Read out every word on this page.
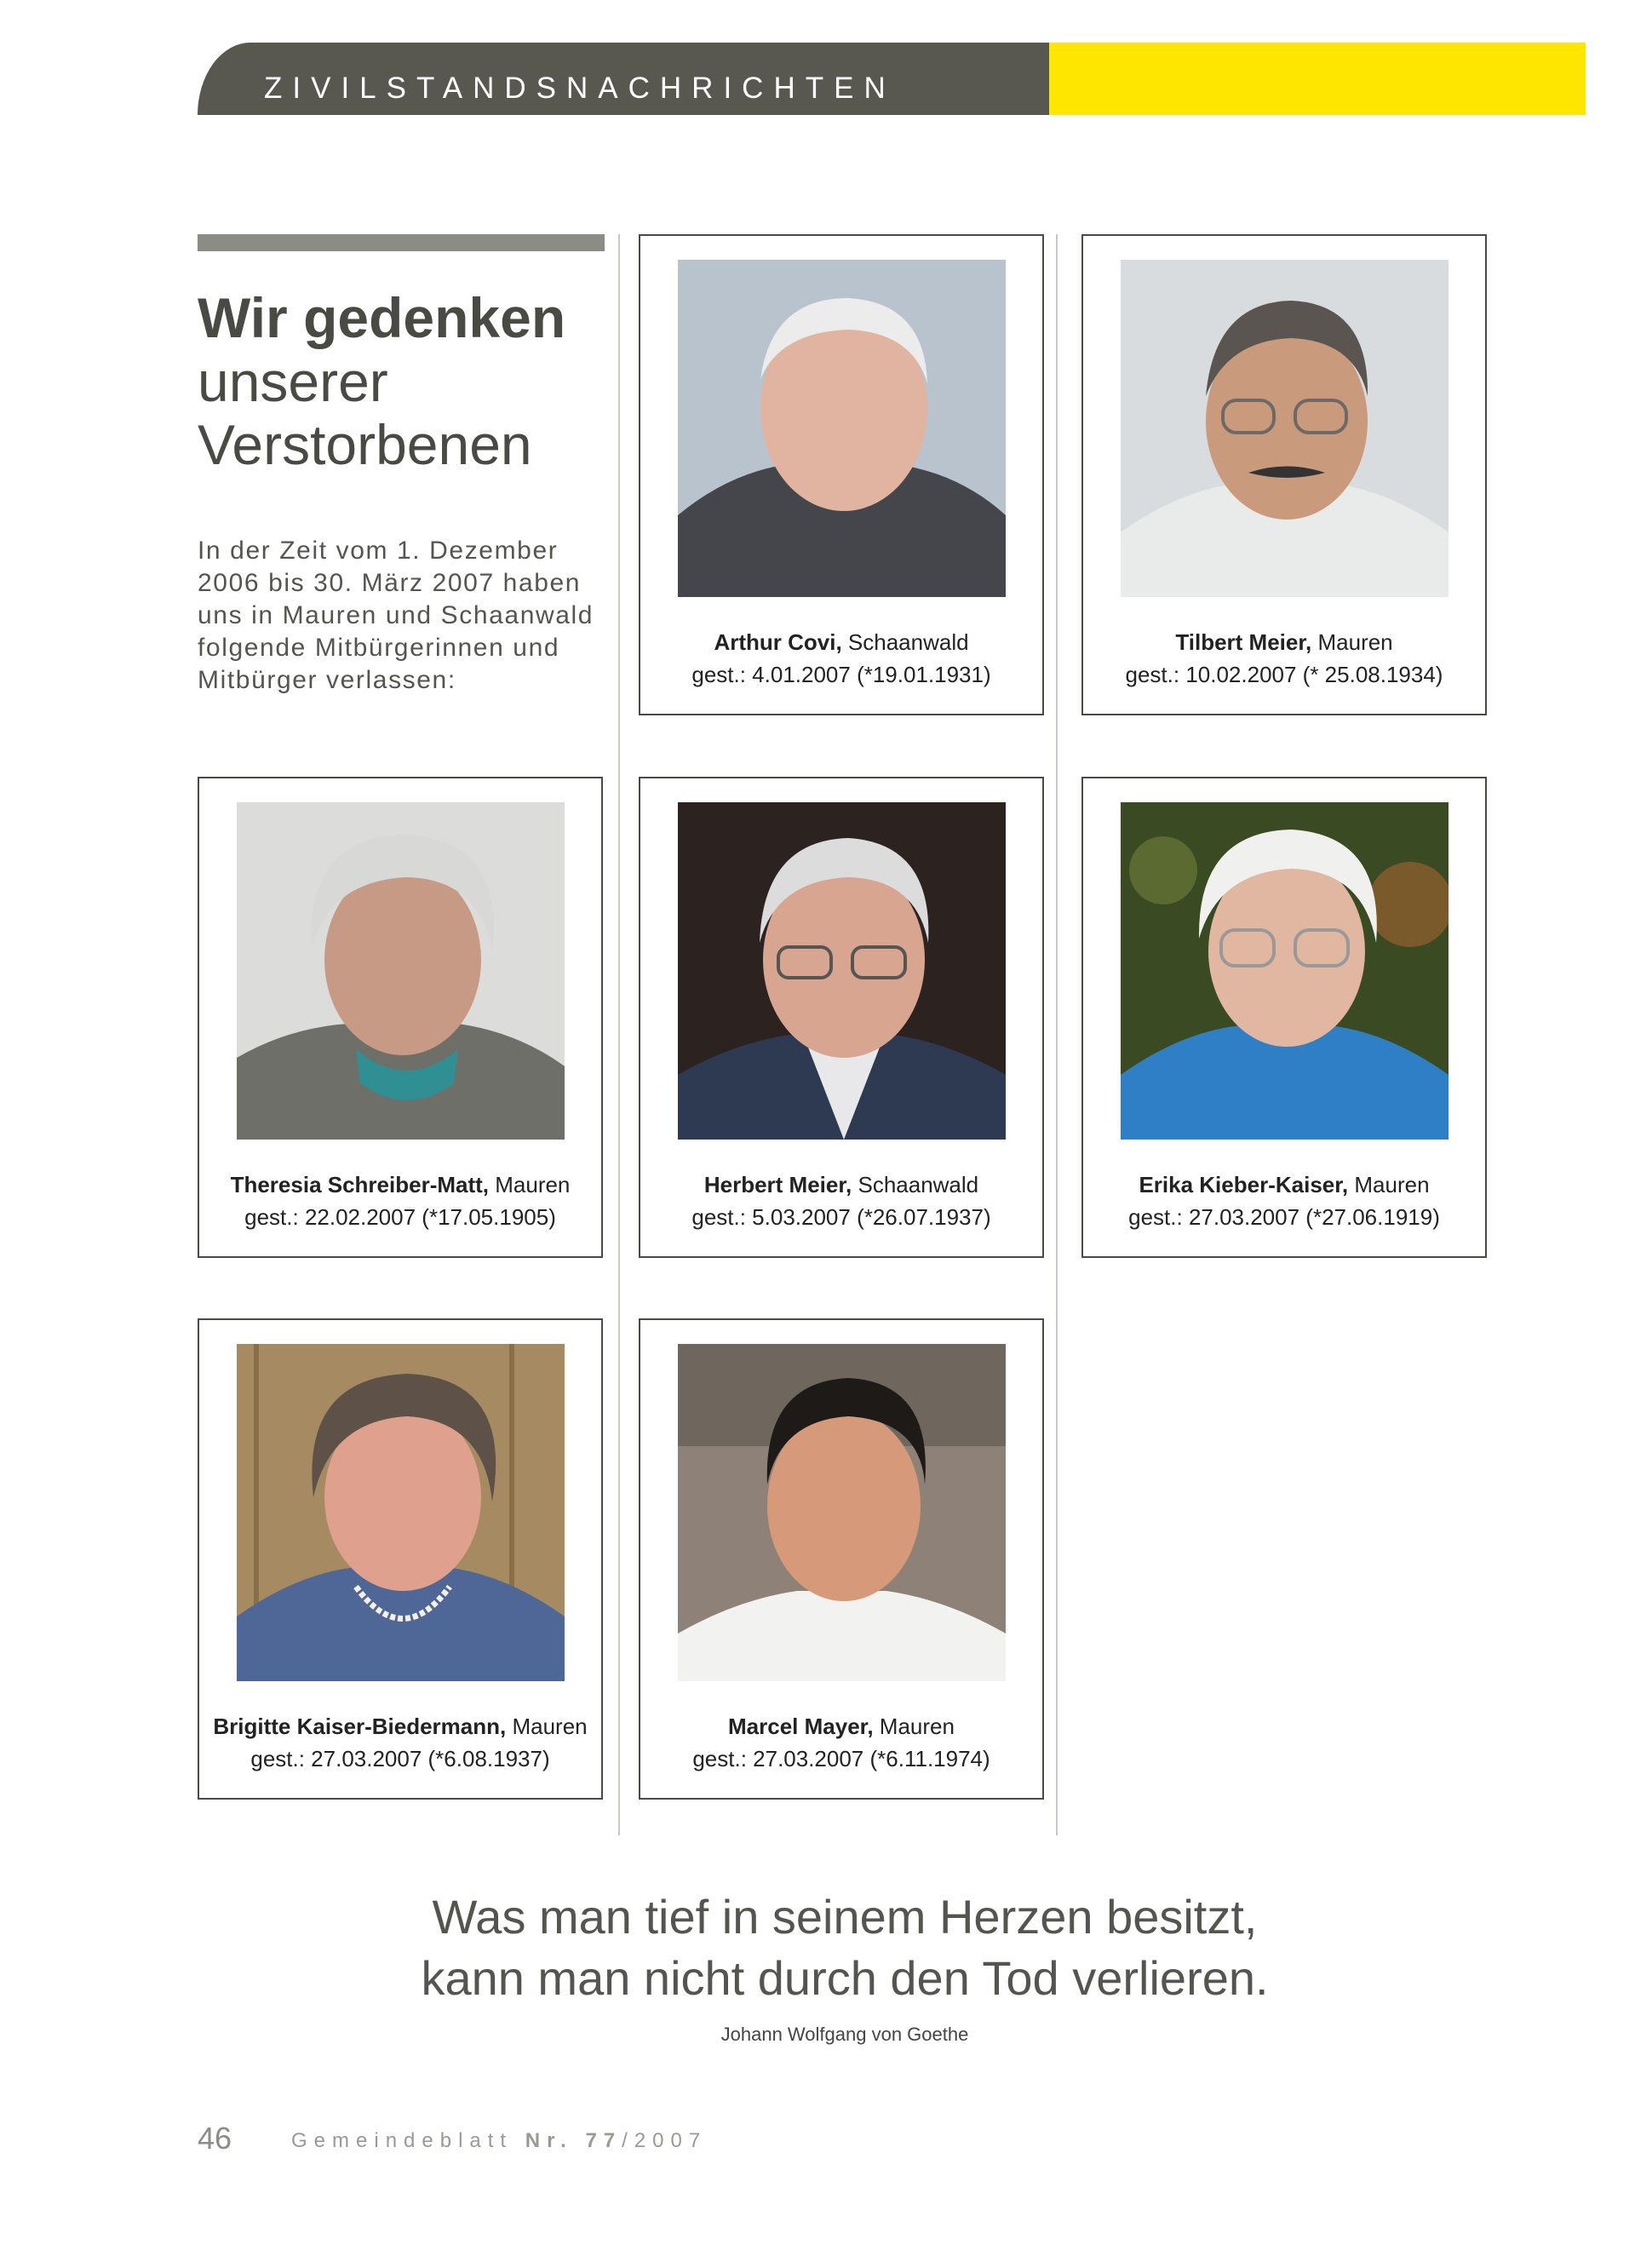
ZIVILSTANDSNACHRICHTEN
Wir gedenken
unserer
Verstorbenen
In der Zeit vom 1. Dezember
2006 bis 30. März 2007 haben
uns in Mauren und Schaanwald
folgende Mitbürgerinnen und
Mitbürger verlassen:
Arthur Covi, Schaanwald
gest.: 4.01.2007 (*19.01.1931)
Tilbert Meier, Mauren
gest.: 10.02.2007 (* 25.08.1934)
Theresia Schreiber-Matt, Mauren
gest.: 22.02.2007 (*17.05.1905)
Herbert Meier, Schaanwald
gest.: 5.03.2007 (*26.07.1937)
Erika Kieber-Kaiser, Mauren
gest.: 27.03.2007 (*27.06.1919)
Brigitte Kaiser-Biedermann, Mauren
gest.: 27.03.2007 (*6.08.1937)
Marcel Mayer, Mauren
gest.: 27.03.2007 (*6.11.1974)
Was man tief in seinem Herzen besitzt,
kann man nicht durch den Tod verlieren.
Johann Wolfgang von Goethe
46	Gemeindeblatt Nr. 77/2007
